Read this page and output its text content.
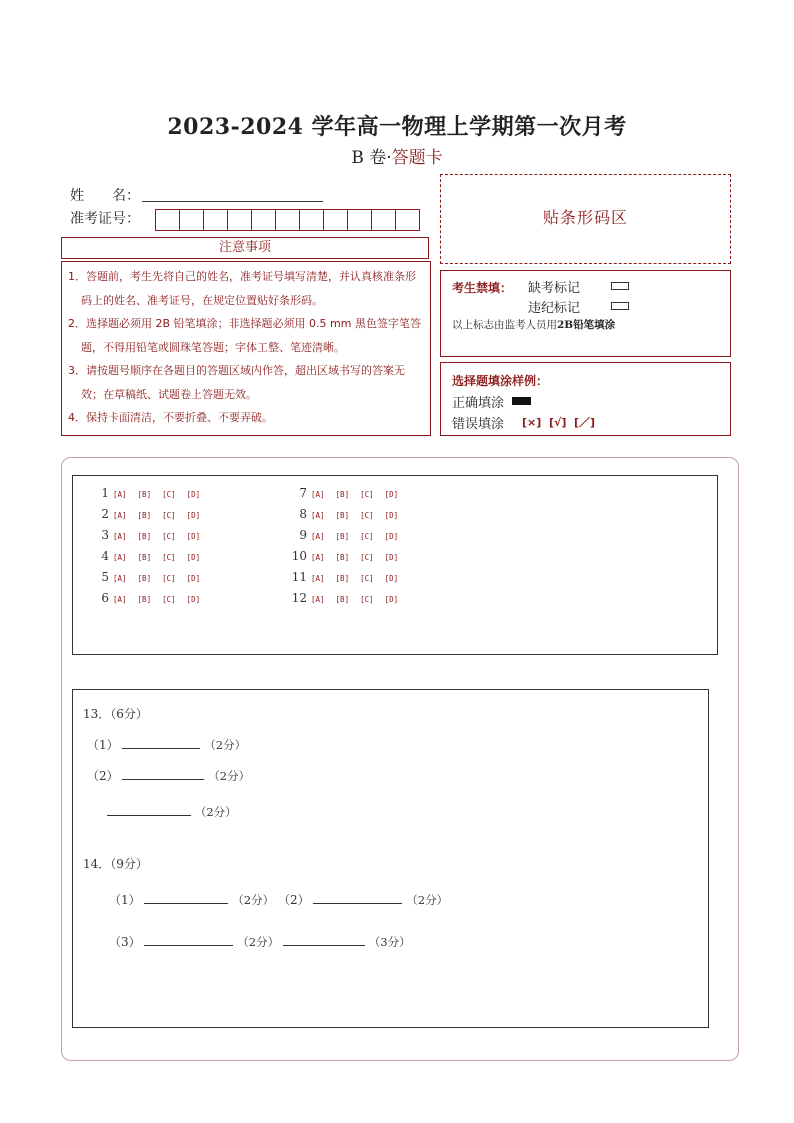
2023-2024 学年高一物理上学期第一次月考
B 卷·答题卡
姓　　名：
准考证号：
注意事项
1．答题前，考生先将自己的姓名，准考证号填写清楚，并认真核准条形码上的姓名、准考证号，在规定位置贴好条形码。
2．选择题必须用 2B 铅笔填涂；非选择题必须用 0.5 mm 黑色签字笔答题，不得用铅笔或圆珠笔答题；字体工整、笔迹清晰。
3．请按题号顺序在各题目的答题区域内作答，超出区域书写的答案无效；在草稿纸、试题卷上答题无效。
4．保持卡面清洁，不要折叠、不要弄破。
贴条形码区
考生禁填： 缺考标记
违纪标记
以上标志由监考人员用2B铅笔填涂
选择题填涂样例：
正确填涂
错误填涂 [×] [√] [／]
1 [A] [B] [C] [D]
2 [A] [B] [C] [D]
3 [A] [B] [C] [D]
4 [A] [B] [C] [D]
5 [A] [B] [C] [D]
6 [A] [B] [C] [D]
7 [A] [B] [C] [D]
8 [A] [B] [C] [D]
9 [A] [B] [C] [D]
10 [A] [B] [C] [D]
11 [A] [B] [C] [D]
12 [A] [B] [C] [D]
13．（6分）
（1）	（2分）
（2）	（2分）
（2分）
14．（9分）
（1）	（2分） （2）	（2分）
（3）	（2分）	（3分）
